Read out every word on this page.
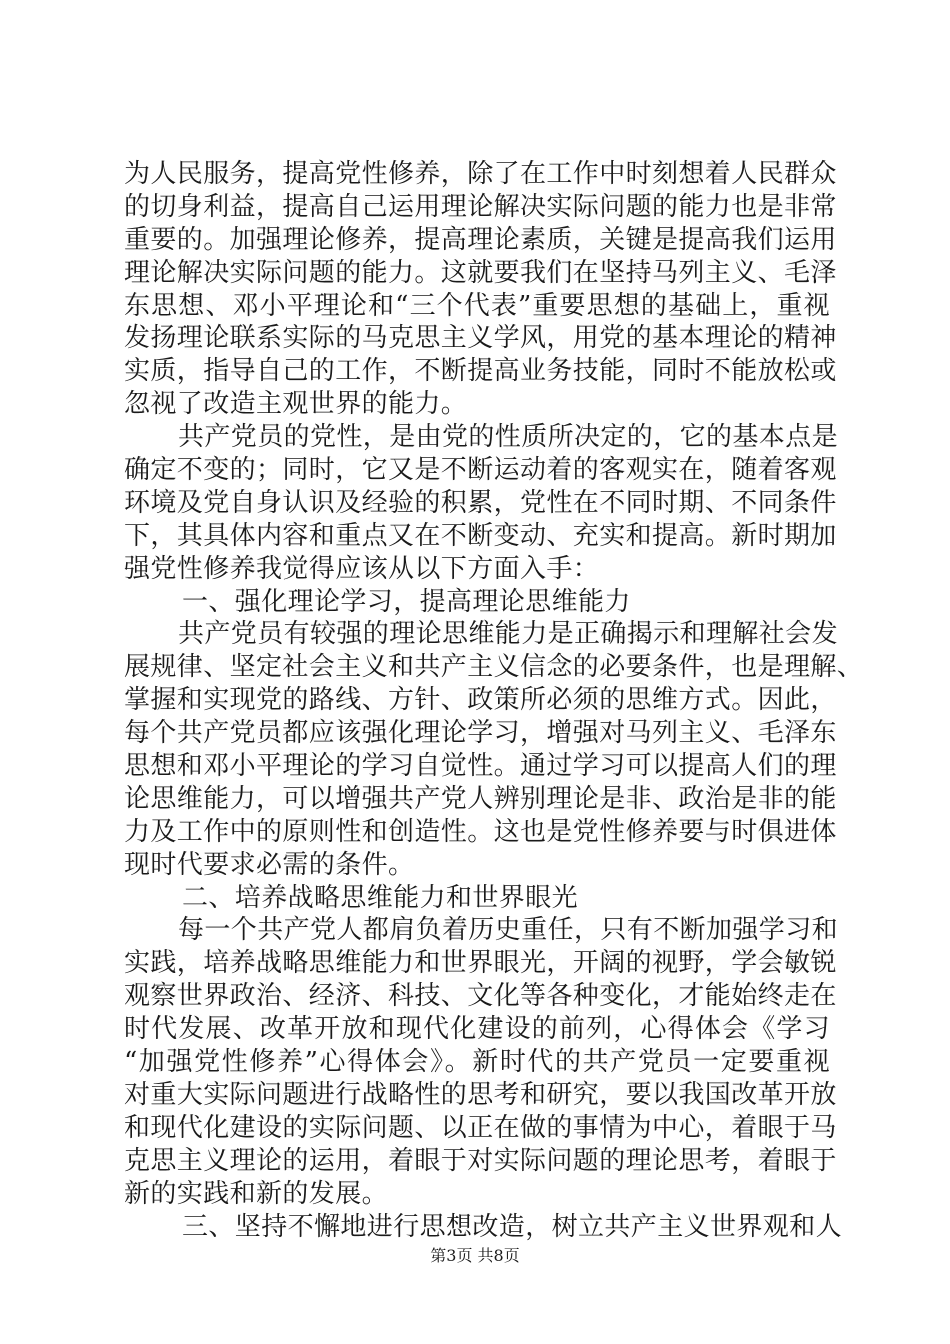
为人民服务，提高党性修养，除了在工作中时刻想着人民群众
的切身利益，提高自己运用理论解决实际问题的能力也是非常
重要的。加强理论修养，提高理论素质，关键是提高我们运用
理论解决实际问题的能力。这就要我们在坚持马列主义、毛泽
东思想、邓小平理论和“三个代表”重要思想的基础上，重视
发扬理论联系实际的马克思主义学风，用党的基本理论的精神
实质，指导自己的工作，不断提高业务技能，同时不能放松或
忽视了改造主观世界的能力。
共产党员的党性，是由党的性质所决定的，它的基本点是
确定不变的；同时，它又是不断运动着的客观实在，随着客观
环境及党自身认识及经验的积累，党性在不同时期、不同条件
下，其具体内容和重点又在不断变动、充实和提高。新时期加
强党性修养我觉得应该从以下方面入手：
一、强化理论学习，提高理论思维能力
共产党员有较强的理论思维能力是正确揭示和理解社会发
展规律、坚定社会主义和共产主义信念的必要条件，也是理解、
掌握和实现党的路线、方针、政策所必须的思维方式。因此，
每个共产党员都应该强化理论学习，增强对马列主义、毛泽东
思想和邓小平理论的学习自觉性。通过学习可以提高人们的理
论思维能力，可以增强共产党人辨别理论是非、政治是非的能
力及工作中的原则性和创造性。这也是党性修养要与时俱进体
现时代要求必需的条件。
二、培养战略思维能力和世界眼光
每一个共产党人都肩负着历史重任，只有不断加强学习和
实践，培养战略思维能力和世界眼光，开阔的视野，学会敏锐
观察世界政治、经济、科技、文化等各种变化，才能始终走在
时代发展、改革开放和现代化建设的前列，心得体会《学习
“加强党性修养”心得体会》。新时代的共产党员一定要重视
对重大实际问题进行战略性的思考和研究，要以我国改革开放
和现代化建设的实际问题、以正在做的事情为中心，着眼于马
克思主义理论的运用，着眼于对实际问题的理论思考，着眼于
新的实践和新的发展。
三、坚持不懈地进行思想改造，树立共产主义世界观和人
第3页 共8页
